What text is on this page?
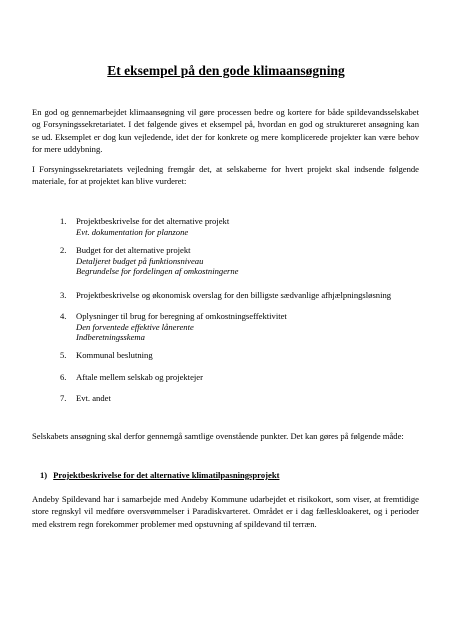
Et eksempel på den gode klimaansøgning
En god og gennemarbejdet klimaansøgning vil gøre processen bedre og kortere for både spildevandsselskabet og Forsyningssekretariatet. I det følgende gives et eksempel på, hvordan en god og struktureret ansøgning kan se ud. Eksemplet er dog kun vejledende, idet der for konkrete og mere komplicerede projekter kan være behov for mere uddybning.
I Forsyningssekretariatets vejledning fremgår det, at selskaberne for hvert projekt skal indsende følgende materiale, for at projektet kan blive vurderet:
1. Projektbeskrivelse for det alternative projekt
Evt. dokumentation for planzone
2. Budget for det alternative projekt
Detaljeret budget på funktionsniveau
Begrundelse for fordelingen af omkostningerne
3. Projektbeskrivelse og økonomisk overslag for den billigste sædvanlige afhjælpningsløsning
4. Oplysninger til brug for beregning af omkostningseffektivitet
Den forventede effektive lånerente
Indberetningsskema
5. Kommunal beslutning
6. Aftale mellem selskab og projektejer
7. Evt. andet
Selskabets ansøgning skal derfor gennemgå samtlige ovenstående punkter. Det kan gøres på følgende måde:
1) Projektbeskrivelse for det alternative klimatilpasningsprojekt
Andeby Spildevand har i samarbejde med Andeby Kommune udarbejdet et risikokort, som viser, at fremtidige store regnskyl vil medføre oversvømmelser i Paradiskvarteret. Området er i dag fælleskloakeret, og i perioder med ekstrem regn forekommer problemer med opstuvning af spildevand til terræn.
